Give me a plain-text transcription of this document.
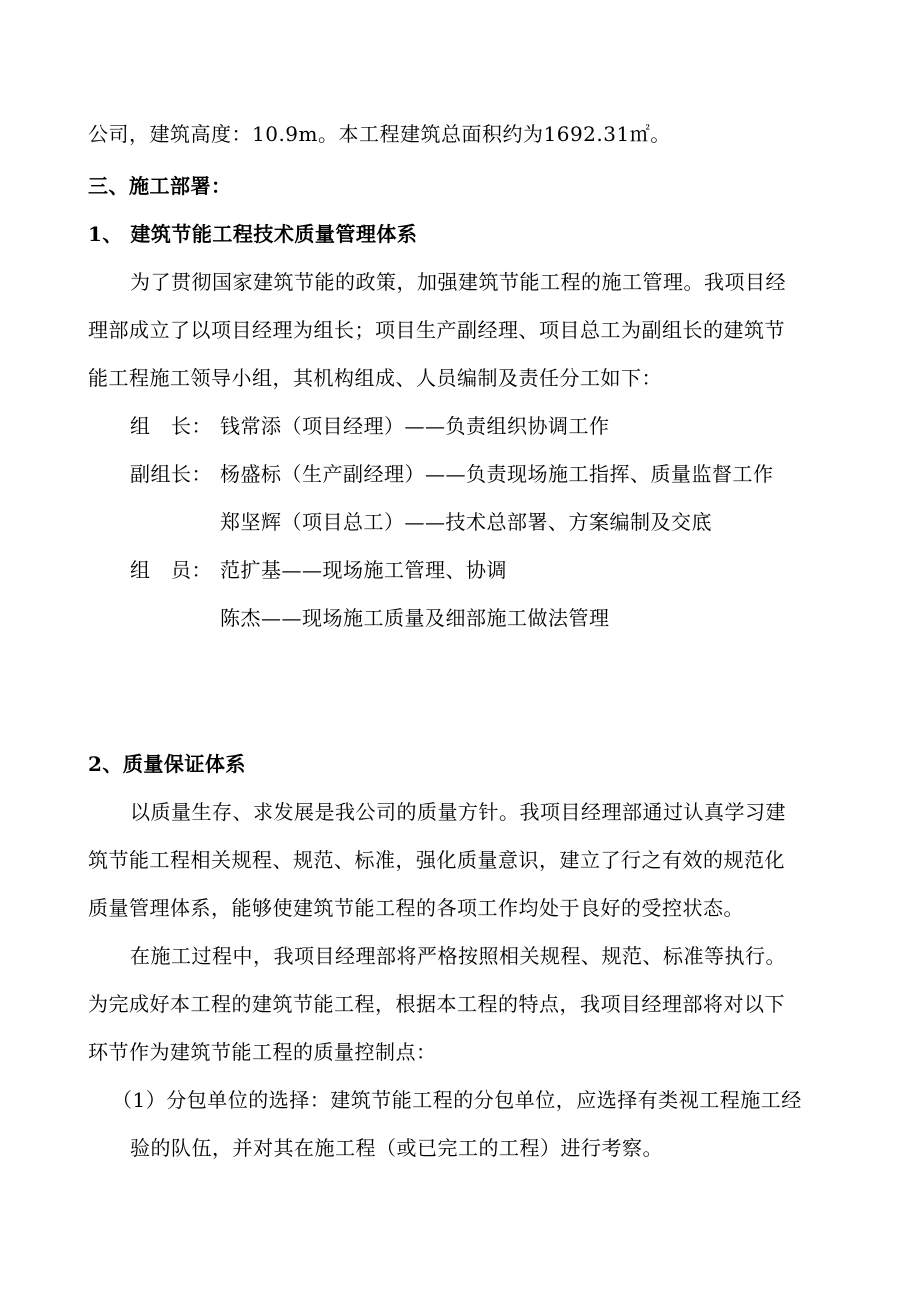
公司，建筑高度：10.9m。本工程建筑总面积约为1692.31㎡。
三、施工部署：
1、 建筑节能工程技术质量管理体系
为了贯彻国家建筑节能的政策，加强建筑节能工程的施工管理。我项目经
理部成立了以项目经理为组长；项目生产副经理、项目总工为副组长的建筑节
能工程施工领导小组，其机构组成、人员编制及责任分工如下：
组　长： 钱常添（项目经理）——负责组织协调工作
副组长： 杨盛标（生产副经理）——负责现场施工指挥、质量监督工作
郑坚辉（项目总工）——技术总部署、方案编制及交底
组　员： 范扩基——现场施工管理、协调
陈杰——现场施工质量及细部施工做法管理
2、质量保证体系
以质量生存、求发展是我公司的质量方针。我项目经理部通过认真学习建
筑节能工程相关规程、规范、标准，强化质量意识，建立了行之有效的规范化
质量管理体系，能够使建筑节能工程的各项工作均处于良好的受控状态。
在施工过程中，我项目经理部将严格按照相关规程、规范、标准等执行。
为完成好本工程的建筑节能工程，根据本工程的特点，我项目经理部将对以下
环节作为建筑节能工程的质量控制点：
（1）分包单位的选择：建筑节能工程的分包单位，应选择有类视工程施工经
验的队伍，并对其在施工程（或已完工的工程）进行考察。
